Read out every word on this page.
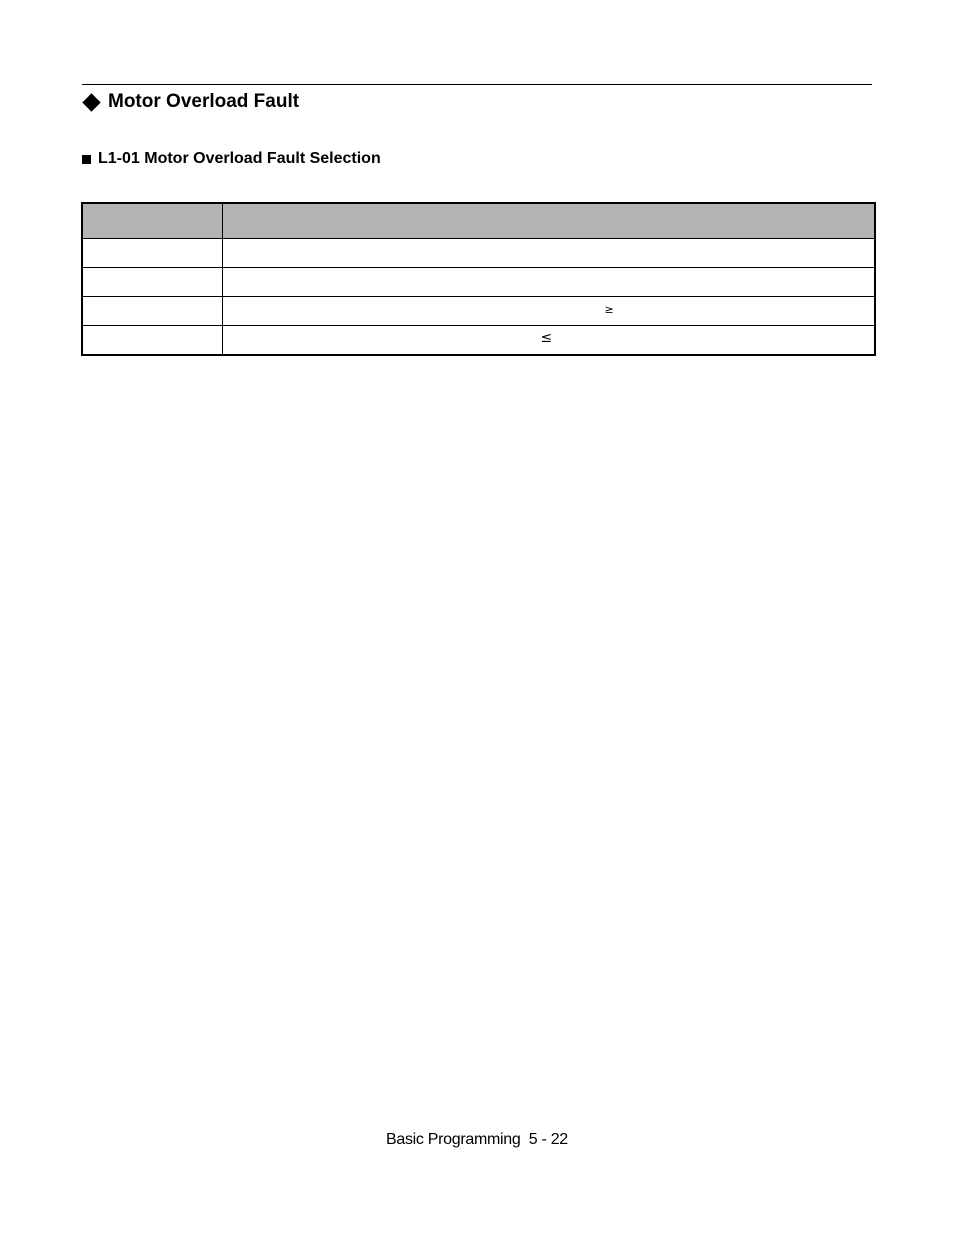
Motor Overload Fault
L1-01 Motor Overload Fault Selection

	≥

	≤
Basic Programming  5 - 22
